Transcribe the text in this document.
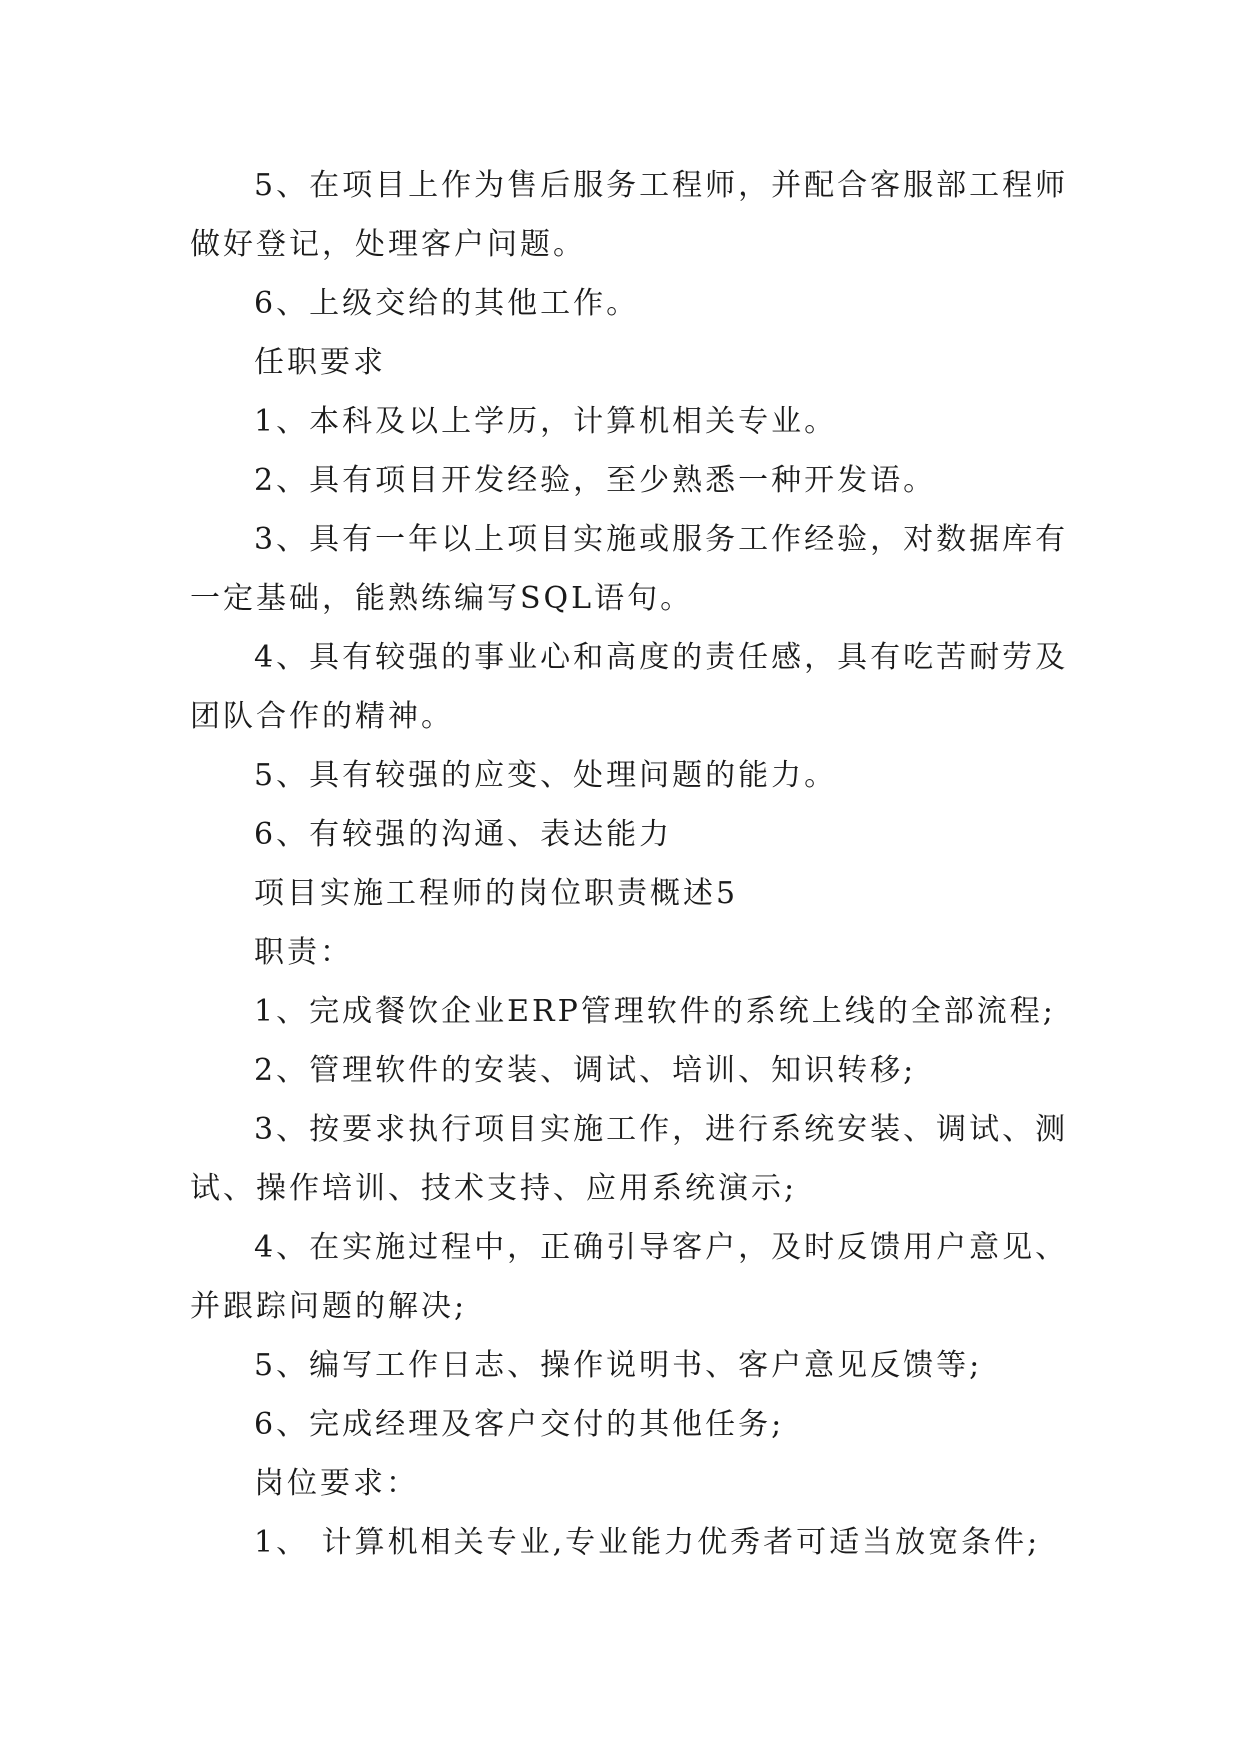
5、在项目上作为售后服务工程师，并配合客服部工程师做好登记，处理客户问题。

6、上级交给的其他工作。

任职要求

1、本科及以上学历，计算机相关专业。

2、具有项目开发经验，至少熟悉一种开发语。

3、具有一年以上项目实施或服务工作经验，对数据库有一定基础，能熟练编写SQL语句。

4、具有较强的事业心和高度的责任感，具有吃苦耐劳及团队合作的精神。

5、具有较强的应变、处理问题的能力。

6、有较强的沟通、表达能力

项目实施工程师的岗位职责概述5

职责：

1、完成餐饮企业ERP管理软件的系统上线的全部流程;

2、管理软件的安装、调试、培训、知识转移;

3、按要求执行项目实施工作，进行系统安装、调试、测试、操作培训、技术支持、应用系统演示;

4、在实施过程中，正确引导客户，及时反馈用户意见、并跟踪问题的解决;

5、编写工作日志、操作说明书、客户意见反馈等;

6、完成经理及客户交付的其他任务;

岗位要求：

1、 计算机相关专业,专业能力优秀者可适当放宽条件;
